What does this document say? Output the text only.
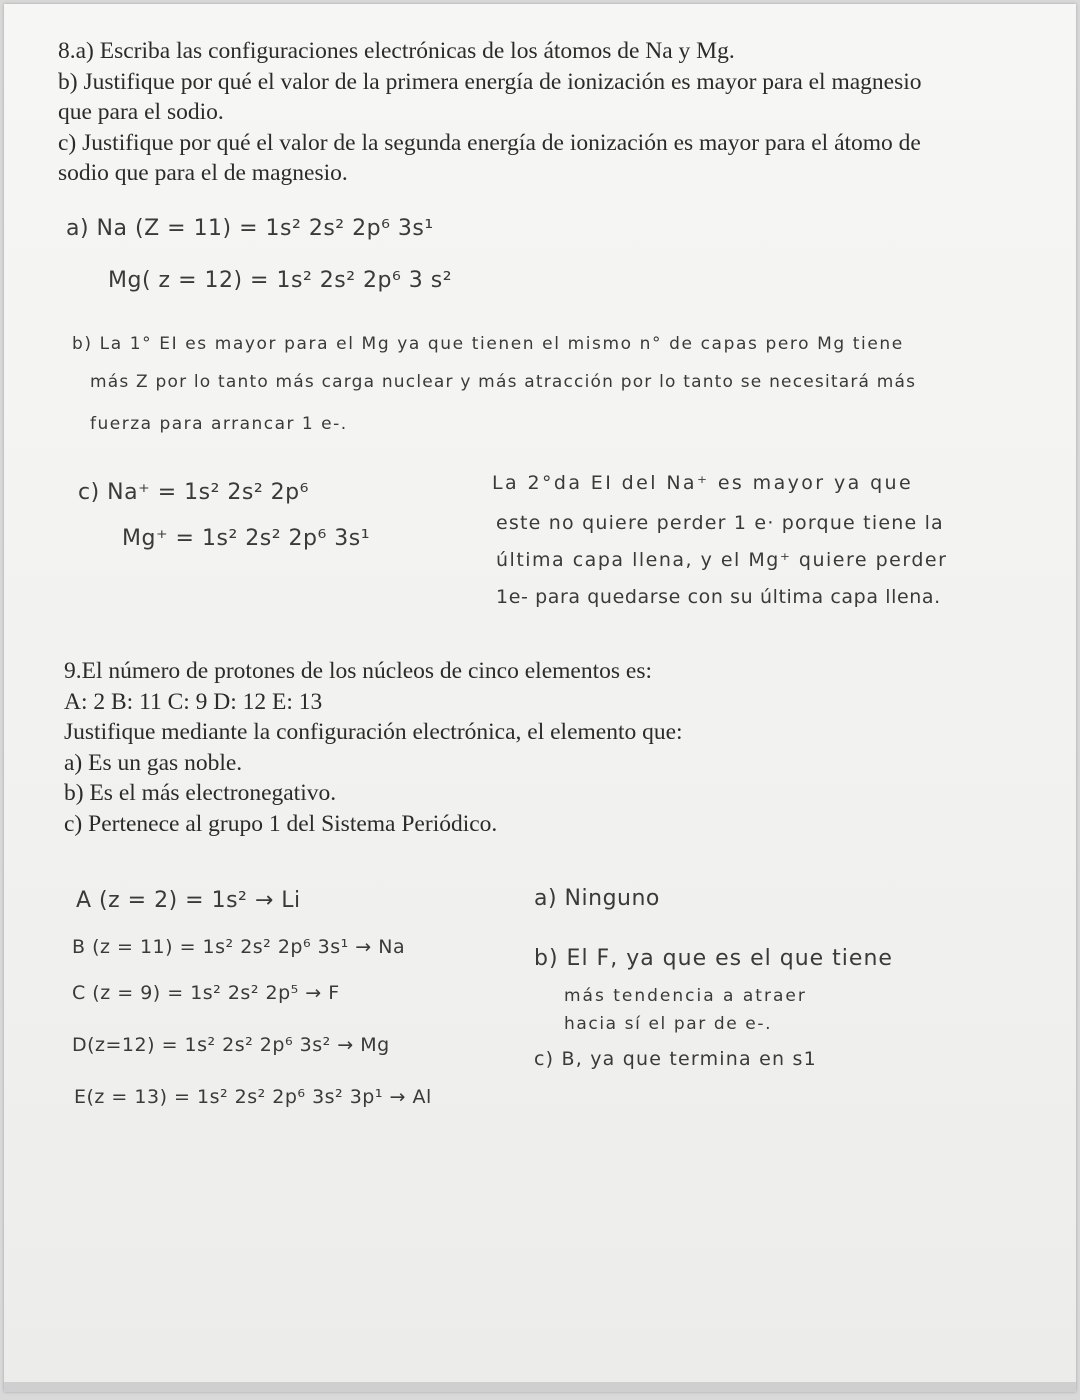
8.a) Escriba las configuraciones electrónicas de los átomos de Na y Mg.
b) Justifique por qué el valor de la primera energía de ionización es mayor para el magnesio
que para el sodio.
c) Justifique por qué el valor de la segunda energía de ionización es mayor para el átomo de
sodio que para el de magnesio.
a) Na (Z = 11) = 1s² 2s² 2p⁶ 3s¹
Mg( z = 12) = 1s² 2s² 2p⁶ 3 s²
b) La 1° EI es mayor para el Mg ya que tienen el mismo n° de capas pero Mg tiene
más Z por lo tanto más carga nuclear y más atracción por lo tanto se necesitará más
fuerza para arrancar 1 e-.
c) Na⁺ = 1s² 2s² 2p⁶
Mg⁺ = 1s² 2s² 2p⁶ 3s¹
La 2°da EI del Na⁺ es mayor ya que
este no quiere perder 1 e· porque tiene la
última capa llena, y el Mg⁺ quiere perder
1e- para quedarse con su última capa llena.
9.El número de protones de los núcleos de cinco elementos es:
A: 2 B: 11 C: 9 D: 12 E: 13
Justifique mediante la configuración electrónica, el elemento que:
a) Es un gas noble.
b) Es el más electronegativo.
c) Pertenece al grupo 1 del Sistema Periódico.
A (z = 2) = 1s² → Li
B (z = 11) = 1s² 2s² 2p⁶ 3s¹ → Na
C (z = 9) = 1s² 2s² 2p⁵ → F
D(z=12) = 1s² 2s² 2p⁶ 3s² → Mg
E(z = 13) = 1s² 2s² 2p⁶ 3s² 3p¹ → Al
a) Ninguno
b) El F, ya que es el que tiene
más tendencia a atraer
hacia sí el par de e-.
c) B, ya que termina en s1
